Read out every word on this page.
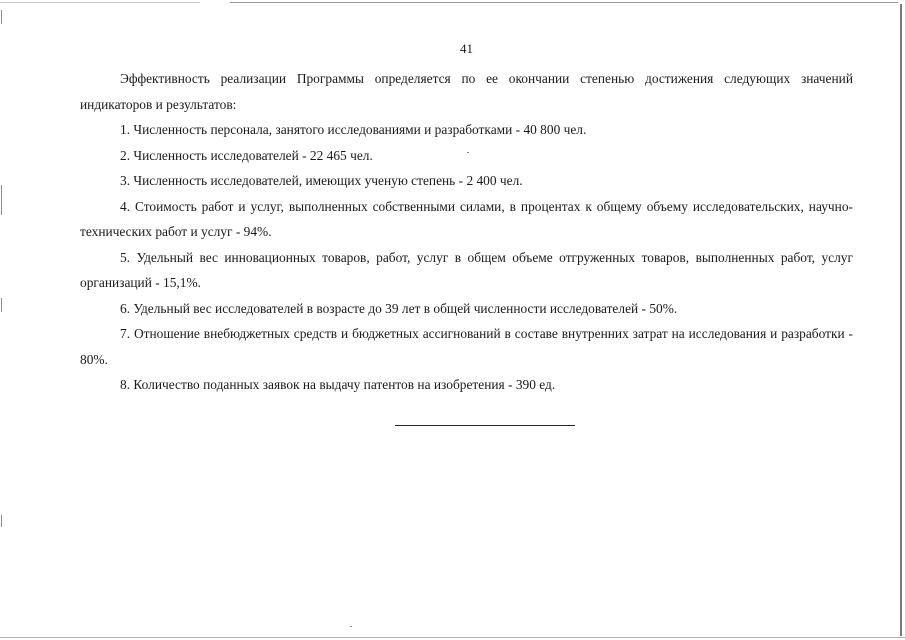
41

Эффективность реализации Программы определяется по ее окончании степенью достижения следующих значений индикаторов и результатов:

1. Численность персонала, занятого исследованиями и разработками - 40 800 чел.

2. Численность исследователей - 22 465 чел.

3. Численность исследователей, имеющих ученую степень - 2 400 чел.

4. Стоимость работ и услуг, выполненных собственными силами, в процентах к общему объему исследовательских, научно-технических работ и услуг - 94%.

5. Удельный вес инновационных товаров, работ, услуг в общем объеме отгруженных товаров, выполненных работ, услуг организаций - 15,1%.

6. Удельный вес исследователей в возрасте до 39 лет в общей численности исследователей - 50%.

7. Отношение внебюджетных средств и бюджетных ассигнований в составе внутренних затрат на исследования и разработки - 80%.

8. Количество поданных заявок на выдачу патентов на изобретения - 390 ед.
